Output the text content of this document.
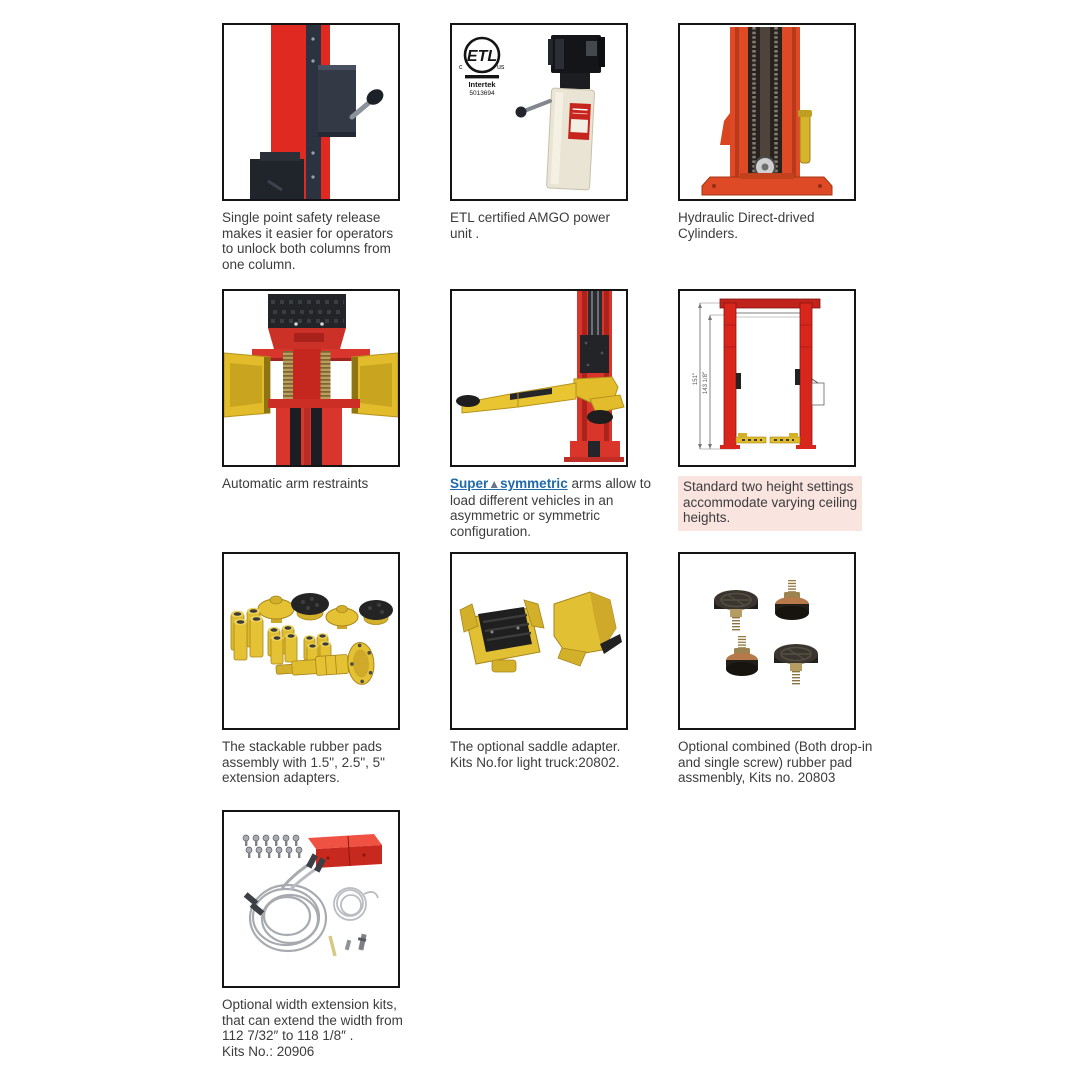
Single point safety release
makes it easier for operators
to unlock both columns from
one column.
ETL
c	us
Intertek
5013694
ETL certified AMGO power
unit .
Hydraulic Direct-drived
Cylinders.
Automatic arm restraints	Super▲symmetric arms allow to
load different vehicles in an
asymmetric or symmetric
configuration.
151″ 143 1/8″
Standard two height settings
accommodate varying ceiling
heights.
The stackable rubber pads
assembly with 1.5", 2.5", 5"
extension adapters.
The optional saddle adapter.
Kits No.for light truck:20802.
Optional combined (Both drop-in
and single screw) rubber pad
assmenbly, Kits no. 20803
Optional width extension kits,
that can extend the width from
112 7/32″ to 118 1/8″ .
Kits No.: 20906
